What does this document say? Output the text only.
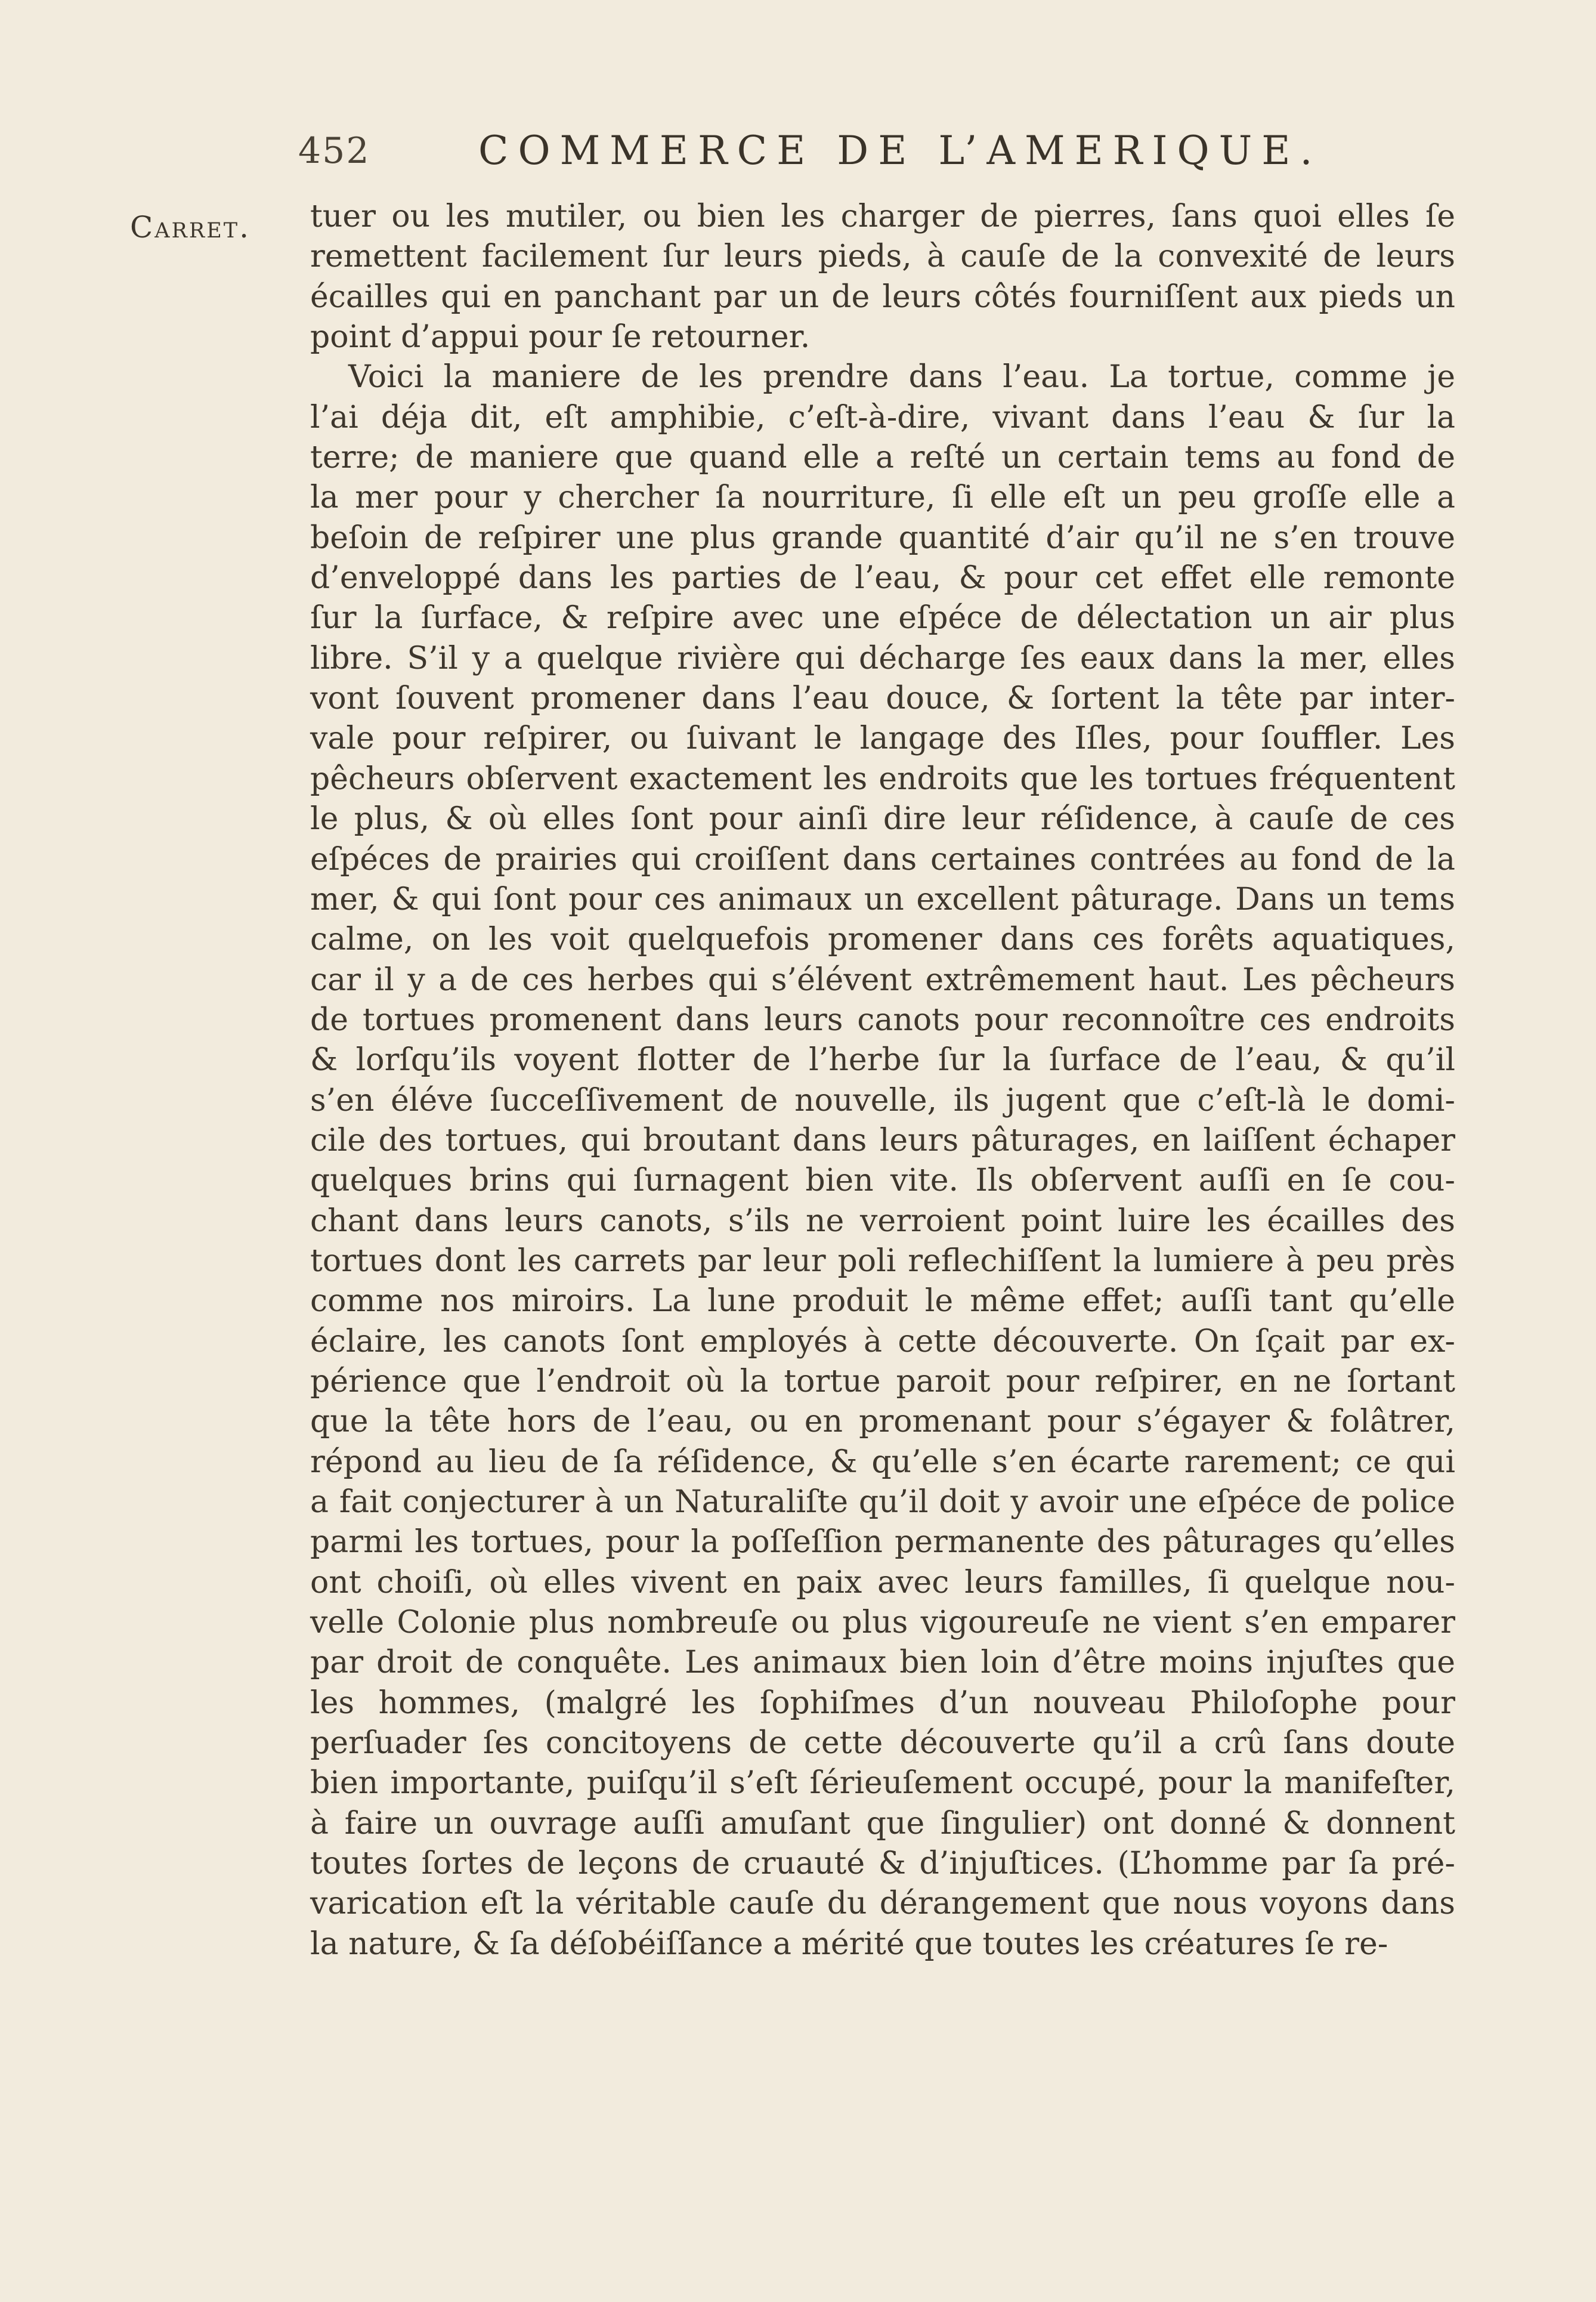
452	COMMERCE DE L’AMERIQUE.
Carret. tuer ou les mutiler, ou bien les charger de pierres, ſans quoi elles ſe
remettent facilement ſur leurs pieds, à cauſe de la convexité de leurs
écailles qui en panchant par un de leurs côtés fourniſſent aux pieds un
point d’appui pour ſe retourner.
Voici la maniere de les prendre dans l’eau. La tortue, comme je
l’ai déja dit, eſt amphibie, c’eſt-à-dire, vivant dans l’eau & ſur la
terre; de maniere que quand elle a reſté un certain tems au fond de
la mer pour y chercher ſa nourriture, ſi elle eſt un peu groſſe elle a
beſoin de reſpirer une plus grande quantité d’air qu’il ne s’en trouve
d’enveloppé dans les parties de l’eau, & pour cet effet elle remonte
ſur la ſurface, & reſpire avec une eſpéce de délectation un air plus
libre. S’il y a quelque rivière qui décharge ſes eaux dans la mer, elles
vont ſouvent promener dans l’eau douce, & ſortent la tête par inter-
vale pour reſpirer, ou ſuivant le langage des Iſles, pour ſouffler. Les
pêcheurs obſervent exactement les endroits que les tortues fréquentent
le plus, & où elles ſont pour ainſi dire leur réſidence, à cauſe de ces
eſpéces de prairies qui croiſſent dans certaines contrées au fond de la
mer, & qui ſont pour ces animaux un excellent pâturage. Dans un tems
calme, on les voit quelquefois promener dans ces forêts aquatiques,
car il y a de ces herbes qui s’élévent extrêmement haut. Les pêcheurs
de tortues promenent dans leurs canots pour reconnoître ces endroits
& lorſqu’ils voyent flotter de l’herbe ſur la ſurface de l’eau, & qu’il
s’en éléve ſucceſſivement de nouvelle, ils jugent que c’eſt-là le domi-
cile des tortues, qui broutant dans leurs pâturages, en laiſſent échaper
quelques brins qui ſurnagent bien vite. Ils obſervent auſſi en ſe cou-
chant dans leurs canots, s’ils ne verroient point luire les écailles des
tortues dont les carrets par leur poli reflechiſſent la lumiere à peu près
comme nos miroirs. La lune produit le même effet; auſſi tant qu’elle
éclaire, les canots ſont employés à cette découverte. On ſçait par ex-
périence que l’endroit où la tortue paroit pour reſpirer, en ne ſortant
que la tête hors de l’eau, ou en promenant pour s’égayer & folâtrer,
répond au lieu de ſa réſidence, & qu’elle s’en écarte rarement; ce qui
a fait conjecturer à un Naturaliſte qu’il doit y avoir une eſpéce de police
parmi les tortues, pour la poſſeſſion permanente des pâturages qu’elles
ont choiſi, où elles vivent en paix avec leurs familles, ſi quelque nou-
velle Colonie plus nombreuſe ou plus vigoureuſe ne vient s’en emparer
par droit de conquête. Les animaux bien loin d’être moins injuſtes que
les hommes, (malgré les ſophiſmes d’un nouveau Philoſophe pour
perſuader ſes concitoyens de cette découverte qu’il a crû ſans doute
bien importante, puiſqu’il s’eſt ſérieuſement occupé, pour la manifeſter,
à faire un ouvrage auſſi amuſant que ſingulier) ont donné & donnent
toutes ſortes de leçons de cruauté & d’injuſtices. (L’homme par ſa pré-
varication eſt la véritable cauſe du dérangement que nous voyons dans
la nature, & ſa déſobéiſſance a mérité que toutes les créatures ſe re-
